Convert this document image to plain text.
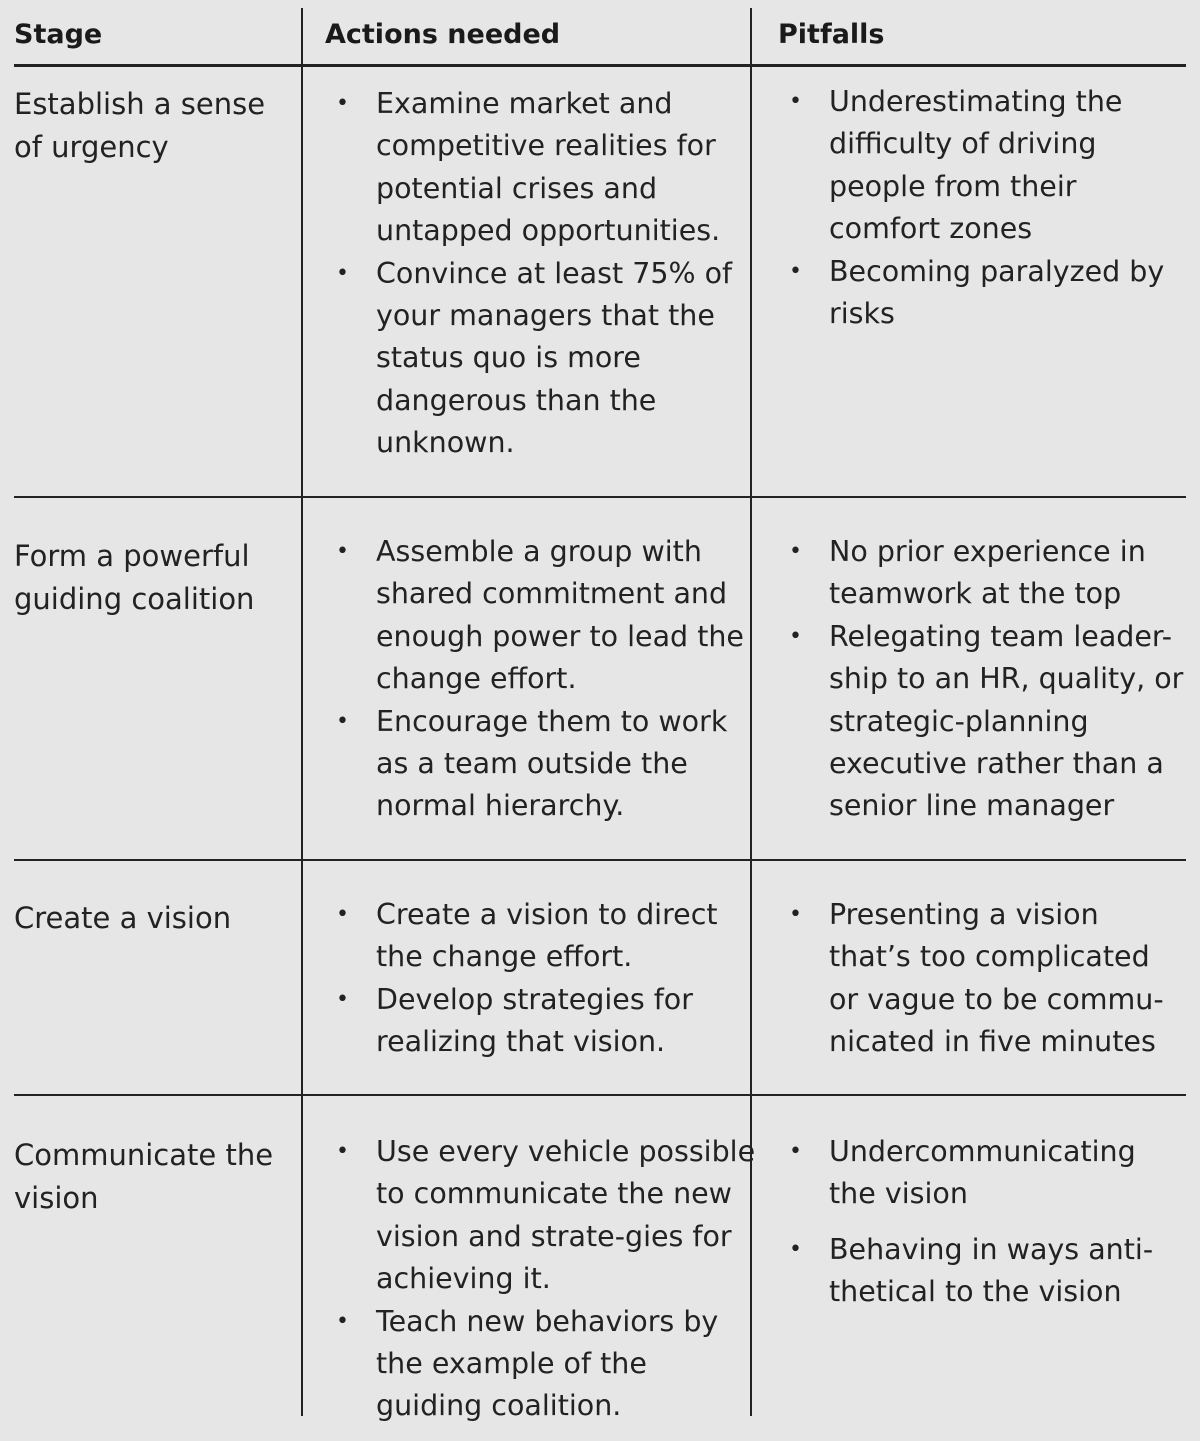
Stage	Actions needed	Pitfalls
Establish a sense of urgency
• Examine market and competitive realities for potential crises and untapped opportunities.
• Convince at least 75% of your managers that the status quo is more dangerous than the unknown.
• Underestimating the difficulty of driving people from their comfort zones
• Becoming paralyzed by risks
Form a powerful guiding coalition
• Assemble a group with shared commitment and enough power to lead the change effort.
• Encourage them to work as a team outside the normal hierarchy.
• No prior experience in teamwork at the top
• Relegating team leader-ship to an HR, quality, or strategic-planning executive rather than a senior line manager
Create a vision
•	Create a vision to direct the change effort.
• Develop strategies for realizing that vision.
• Presenting a vision that’s too complicated or vague to be commu-nicated in five minutes
Communicate the vision
• Use every vehicle possible to communicate the new vision and strate-gies for achieving it.
• Teach new behaviors by the example of the guiding coalition.
• Undercommunicating the vision
• Behaving in ways anti-thetical to the vision
